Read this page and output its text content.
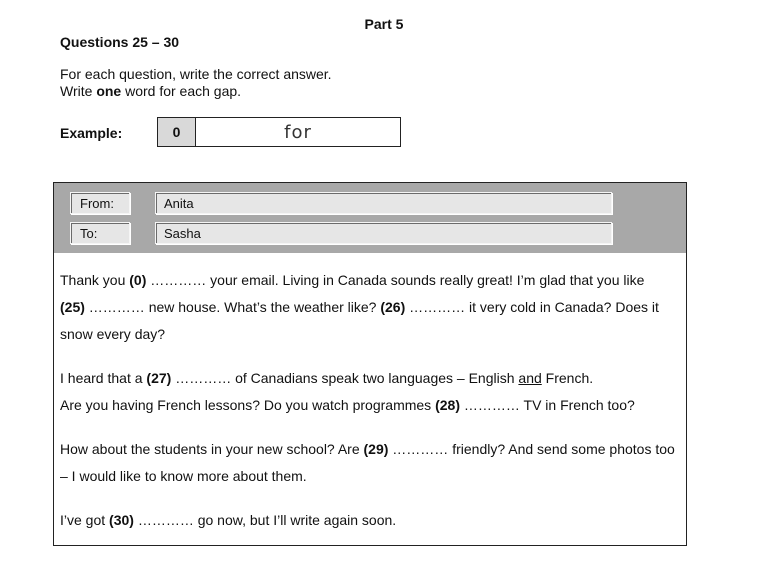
Part 5
Questions 25 – 30
For each question, write the correct answer.
Write one word for each gap.
Example:	0	for
From:	Anita
To:	Sasha

Thank you (0) ………… your email. Living in Canada sounds really great! I’m glad that you like
(25) ………… new house. What’s the weather like? (26) ………… it very cold in Canada? Does it snow every day?

I heard that a (27) ………… of Canadians speak two languages – English and French.
Are you having French lessons? Do you watch programmes (28) ………… TV in French too?

How about the students in your new school? Are (29) ………… friendly? And send some photos too – I would like to know more about them.

I’ve got (30) ………… go now, but I’ll write again soon.
